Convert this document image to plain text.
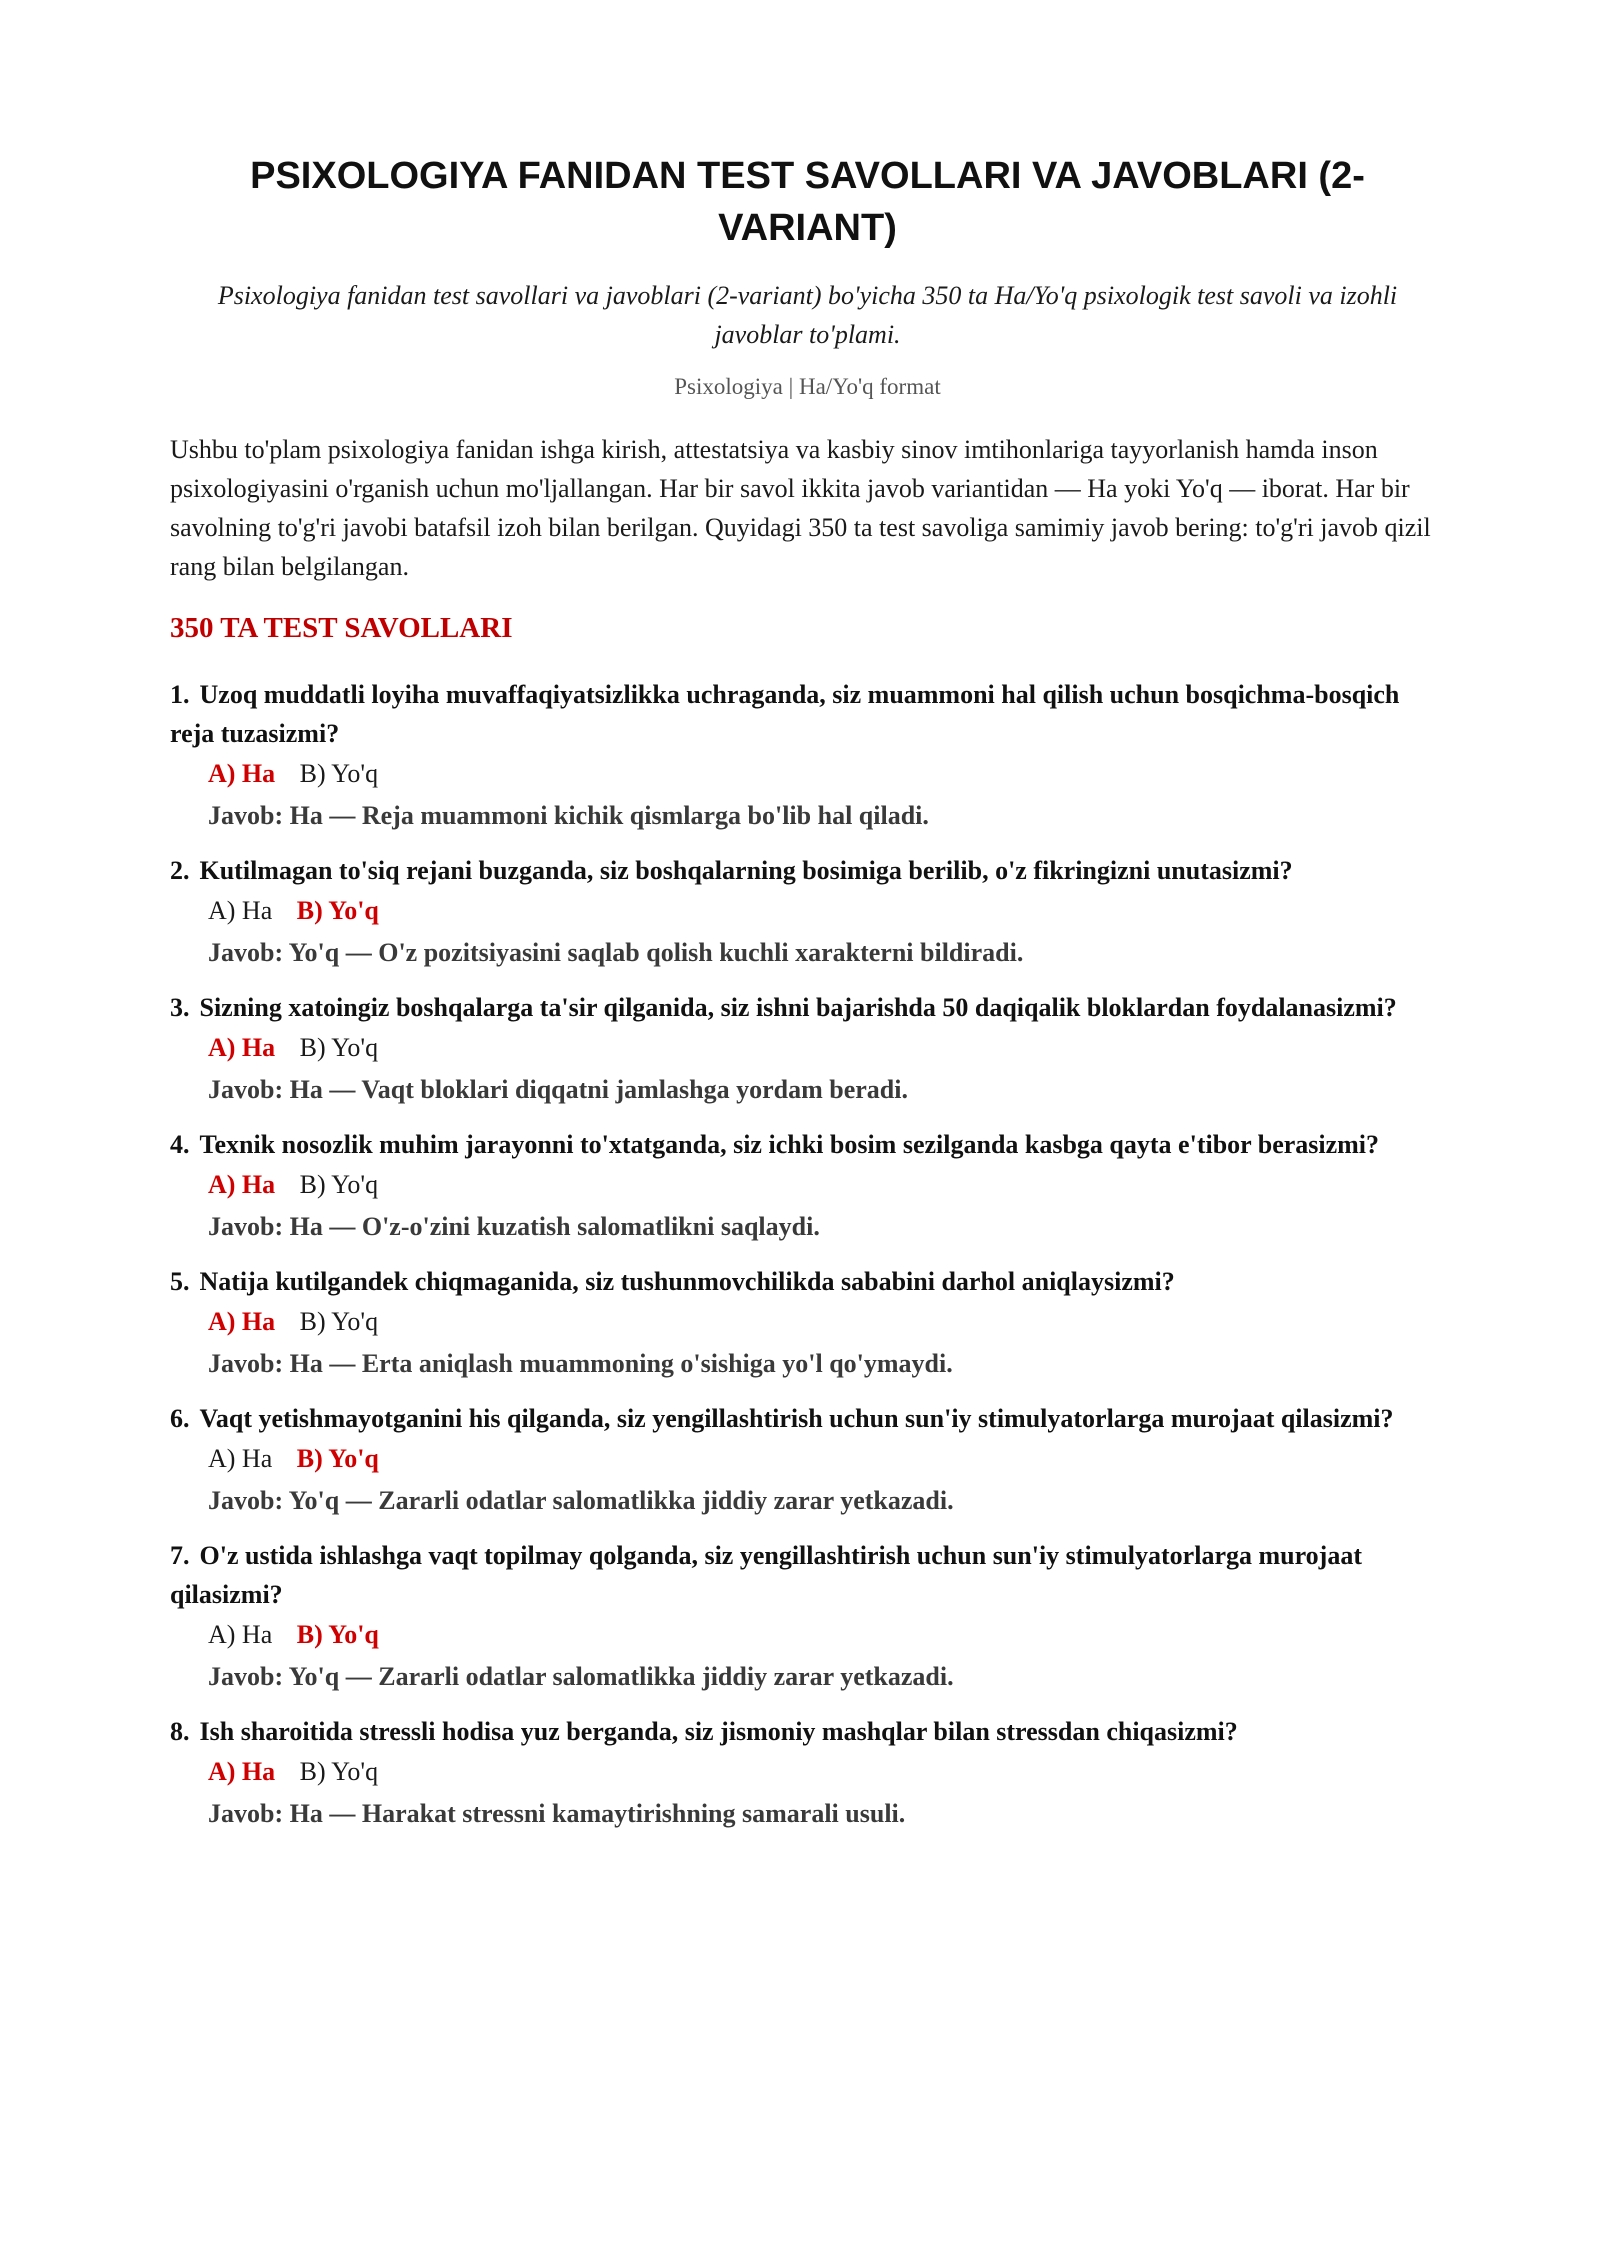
PSIXOLOGIYA FANIDAN TEST SAVOLLARI VA JAVOBLARI (2-VARIANT)

Psixologiya fanidan test savollari va javoblari (2-variant) bo'yicha 350 ta Ha/Yo'q psixologik test savoli va izohli javoblar to'plami.

Psixologiya | Ha/Yo'q format

Ushbu to'plam psixologiya fanidan ishga kirish, attestatsiya va kasbiy sinov imtihonlariga tayyorlanish hamda inson psixologiyasini o'rganish uchun mo'ljallangan. Har bir savol ikkita javob variantidan — Ha yoki Yo'q — iborat. Har bir savolning to'g'ri javobi batafsil izoh bilan berilgan. Quyidagi 350 ta test savoliga samimiy javob bering: to'g'ri javob qizil rang bilan belgilangan.

350 TA TEST SAVOLLARI
1. Uzoq muddatli loyiha muvaffaqiyatsizlikka uchraganda, siz muammoni hal qilish uchun bosqichma-bosqich reja tuzasizmi?
A) Ha B) Yo'q
Javob: Ha — Reja muammoni kichik qismlarga bo'lib hal qiladi.
2. Kutilmagan to'siq rejani buzganda, siz boshqalarning bosimiga berilib, o'z fikringizni unutasizmi?
A) Ha B) Yo'q
Javob: Yo'q — O'z pozitsiyasini saqlab qolish kuchli xarakterni bildiradi.
3. Sizning xatoingiz boshqalarga ta'sir qilganida, siz ishni bajarishda 50 daqiqalik bloklardan foydalanasizmi?
A) Ha B) Yo'q
Javob: Ha — Vaqt bloklari diqqatni jamlashga yordam beradi.
4. Texnik nosozlik muhim jarayonni to'xtatganda, siz ichki bosim sezilganda kasbga qayta e'tibor berasizmi?
A) Ha B) Yo'q
Javob: Ha — O'z-o'zini kuzatish salomatlikni saqlaydi.
5. Natija kutilgandek chiqmaganida, siz tushunmovchilikda sababini darhol aniqlaysizmi?
A) Ha B) Yo'q
Javob: Ha — Erta aniqlash muammoning o'sishiga yo'l qo'ymaydi.
6. Vaqt yetishmayotganini his qilganda, siz yengillashtirish uchun sun'iy stimulyatorlarga murojaat qilasizmi?
A) Ha B) Yo'q
Javob: Yo'q — Zararli odatlar salomatlikka jiddiy zarar yetkazadi.
7. O'z ustida ishlashga vaqt topilmay qolganda, siz yengillashtirish uchun sun'iy stimulyatorlarga murojaat qilasizmi?
A) Ha B) Yo'q
Javob: Yo'q — Zararli odatlar salomatlikka jiddiy zarar yetkazadi.
8. Ish sharoitida stressli hodisa yuz berganda, siz jismoniy mashqlar bilan stressdan chiqasizmi?
A) Ha B) Yo'q
Javob: Ha — Harakat stressni kamaytirishning samarali usuli.
